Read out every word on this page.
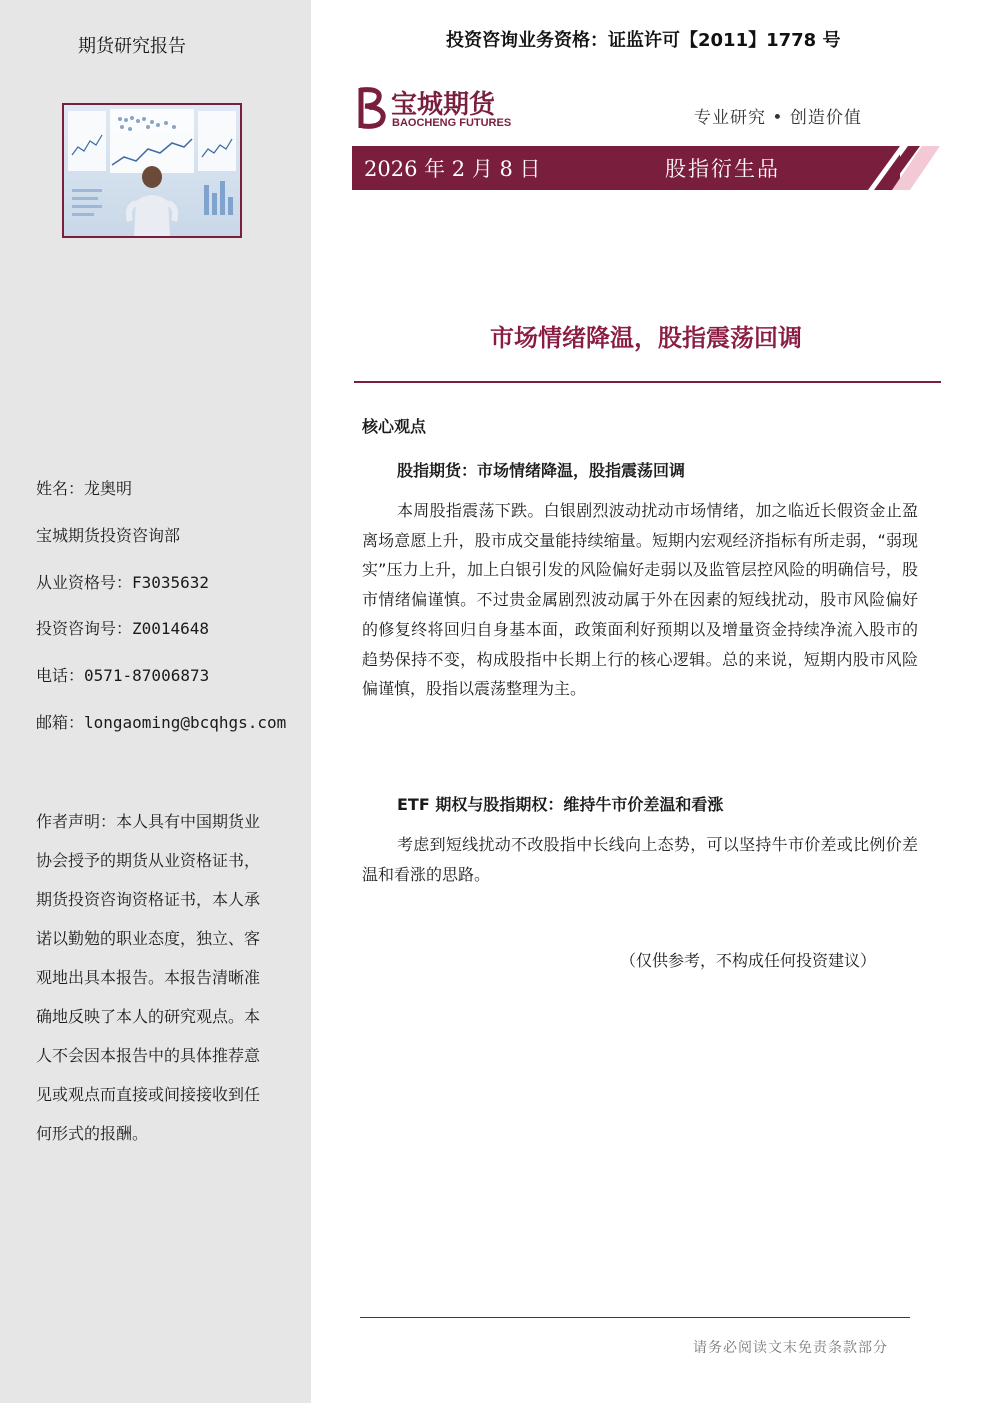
期货研究报告
姓名：龙奥明
宝城期货投资咨询部
从业资格号：F3035632
投资咨询号：Z0014648
电话：0571-87006873
邮箱：longaoming@bcqhgs.com
作者声明：本人具有中国期货业协会授予的期货从业资格证书，期货投资咨询资格证书，本人承诺以勤勉的职业态度，独立、客观地出具本报告。本报告清晰准确地反映了本人的研究观点。本人不会因本报告中的具体推荐意见或观点而直接或间接接收到任何形式的报酬。
投资咨询业务资格：证监许可【2011】1778 号
宝城期货
BAOCHENG FUTURES	专业研究 • 创造价值
2026 年 2 月 8 日	股指衍生品
市场情绪降温，股指震荡回调
核心观点
股指期货：市场情绪降温，股指震荡回调

本周股指震荡下跌。白银剧烈波动扰动市场情绪，加之临近长假资金止盈离场意愿上升，股市成交量能持续缩量。短期内宏观经济指标有所走弱，“弱现实”压力上升，加上白银引发的风险偏好走弱以及监管层控风险的明确信号，股市情绪偏谨慎。不过贵金属剧烈波动属于外在因素的短线扰动，股市风险偏好的修复终将回归自身基本面，政策面利好预期以及增量资金持续净流入股市的趋势保持不变，构成股指中长期上行的核心逻辑。总的来说，短期内股市风险偏谨慎，股指以震荡整理为主。

ETF 期权与股指期权：维持牛市价差温和看涨

考虑到短线扰动不改股指中长线向上态势，可以坚持牛市价差或比例价差温和看涨的思路。

（仅供参考，不构成任何投资建议）
请务必阅读文末免责条款部分
